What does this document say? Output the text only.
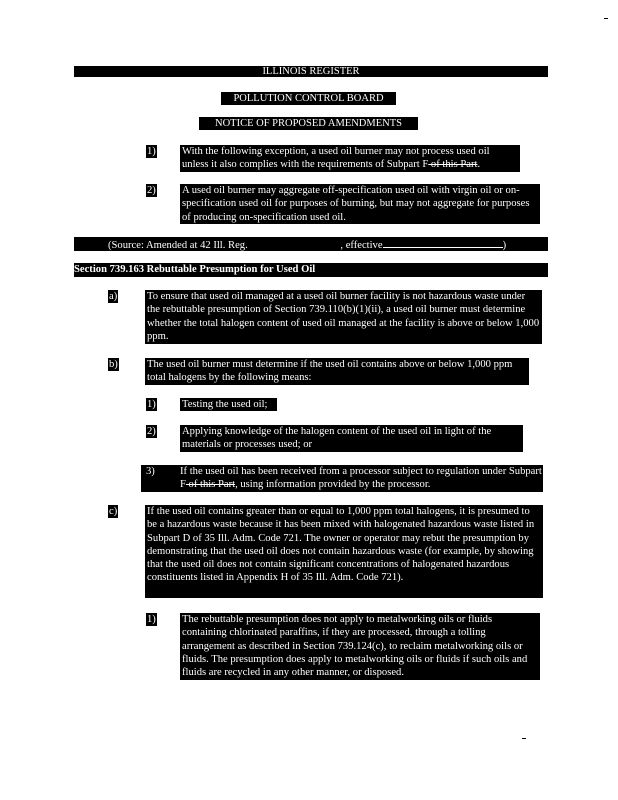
ILLINOIS REGISTER
POLLUTION CONTROL BOARD
NOTICE OF PROPOSED AMENDMENTS
1) With the following exception, a used oil burner may not process used oil unless it also complies with the requirements of Subpart F of this Part.
2) A used oil burner may aggregate off-specification used oil with virgin oil or on-specification used oil for purposes of burning, but may not aggregate for purposes of producing on-specification used oil.
(Source: Amended at 42 Ill. Reg.	, effective	)
Section 739.163 Rebuttable Presumption for Used Oil
a)	To ensure that used oil managed at a used oil burner facility is not hazardous waste under the rebuttable presumption of Section 739.110(b)(1)(ii), a used oil burner must determine whether the total halogen content of used oil managed at the facility is above or below 1,000 ppm.
b)	The used oil burner must determine if the used oil contains above or below 1,000 ppm total halogens by the following means:
1) Testing the used oil;
2) Applying knowledge of the halogen content of the used oil in light of the materials or processes used; or
3) If the used oil has been received from a processor subject to regulation under Subpart F of this Part, using information provided by the processor.
c)	If the used oil contains greater than or equal to 1,000 ppm total halogens, it is presumed to be a hazardous waste because it has been mixed with halogenated hazardous waste listed in Subpart D of 35 Ill. Adm. Code 721. The owner or operator may rebut the presumption by demonstrating that the used oil does not contain hazardous waste (for example, by showing that the used oil does not contain significant concentrations of halogenated hazardous constituents listed in Appendix H of 35 Ill. Adm. Code 721).
1) The rebuttable presumption does not apply to metalworking oils or fluids containing chlorinated paraffins, if they are processed, through a tolling arrangement as described in Section 739.124(c), to reclaim metalworking oils or fluids. The presumption does apply to metalworking oils or fluids if such oils and fluids are recycled in any other manner, or disposed.
